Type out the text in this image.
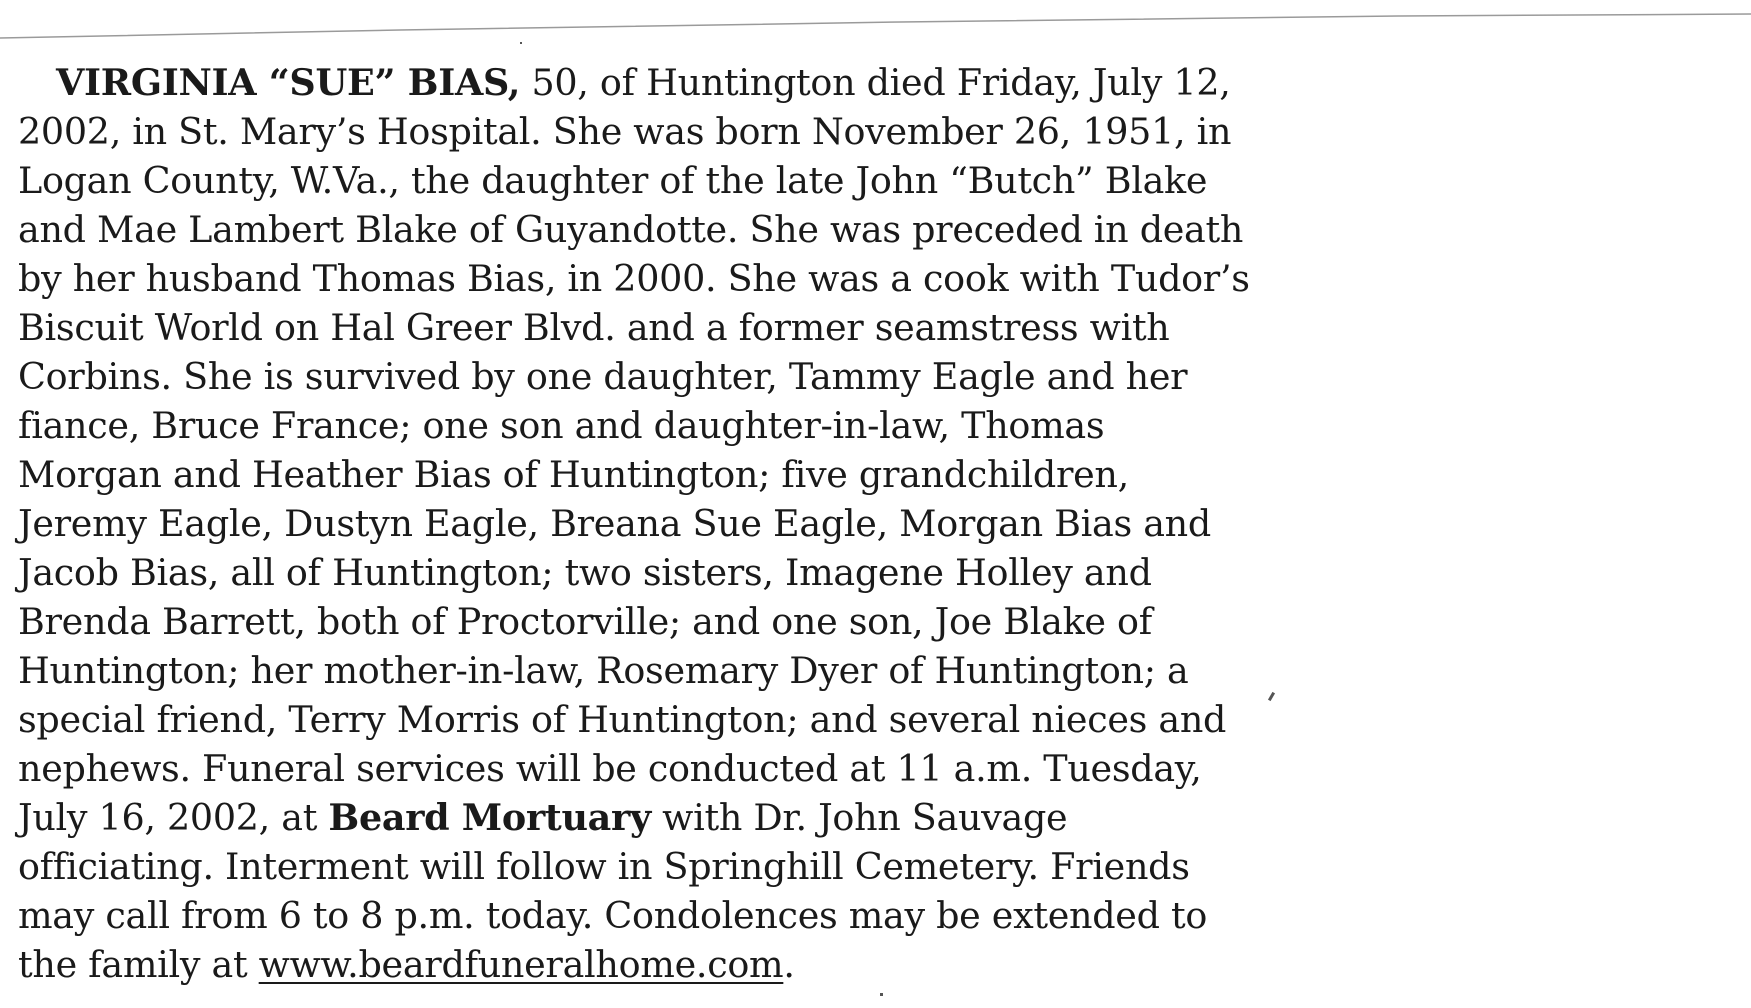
VIRGINIA “SUE” BIAS, 50, of Huntington died Friday, July 12,
2002, in St. Mary’s Hospital. She was born November 26, 1951, in
Logan County, W.Va., the daughter of the late John “Butch” Blake
and Mae Lambert Blake of Guyandotte. She was preceded in death
by her husband Thomas Bias, in 2000. She was a cook with Tudor’s
Biscuit World on Hal Greer Blvd. and a former seamstress with
Corbins. She is survived by one daughter, Tammy Eagle and her
fiance, Bruce France; one son and daughter-in-law, Thomas
Morgan and Heather Bias of Huntington; five grandchildren,
Jeremy Eagle, Dustyn Eagle, Breana Sue Eagle, Morgan Bias and
Jacob Bias, all of Huntington; two sisters, Imagene Holley and
Brenda Barrett, both of Proctorville; and one son, Joe Blake of
Huntington; her mother-in-law, Rosemary Dyer of Huntington; a
special friend, Terry Morris of Huntington; and several nieces and
nephews. Funeral services will be conducted at 11 a.m. Tuesday,
July 16, 2002, at Beard Mortuary with Dr. John Sauvage
officiating. Interment will follow in Springhill Cemetery. Friends
may call from 6 to 8 p.m. today. Condolences may be extended to
the family at www.beardfuneralhome.com.
